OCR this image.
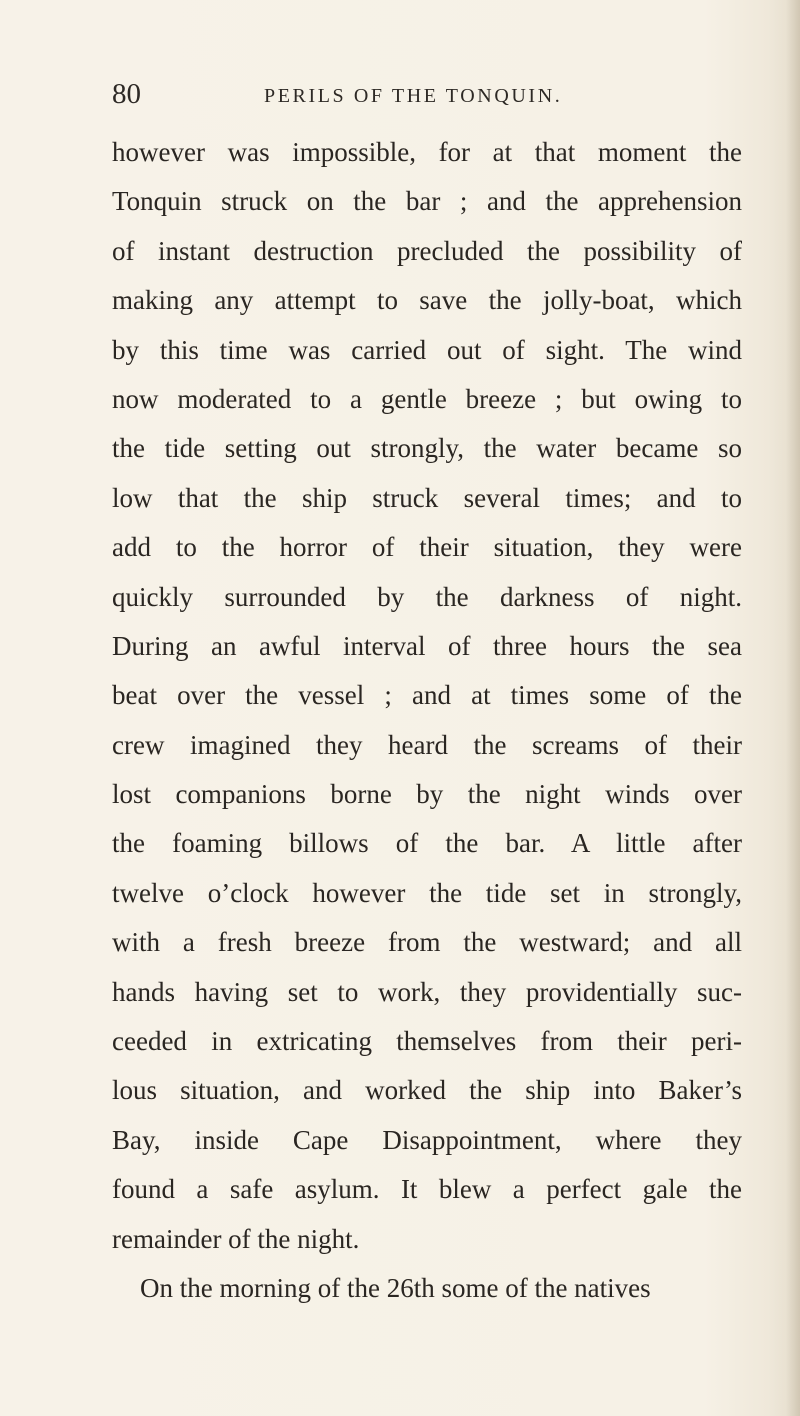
80	PERILS OF THE TONQUIN.
however was impossible, for at that moment the
Tonquin struck on the bar ; and the apprehension
of instant destruction precluded the possibility of
making any attempt to save the jolly-boat, which
by this time was carried out of sight. The wind
now moderated to a gentle breeze ; but owing to
the tide setting out strongly, the water became so
low that the ship struck several times; and to
add to the horror of their situation, they were
quickly surrounded by the darkness of night.
During an awful interval of three hours the sea
beat over the vessel ; and at times some of the
crew imagined they heard the screams of their
lost companions borne by the night winds over
the foaming billows of the bar. A little after
twelve o’clock however the tide set in strongly,
with a fresh breeze from the westward; and all
hands having set to work, they providentially suc-
ceeded in extricating themselves from their peri-
lous situation, and worked the ship into Baker’s
Bay, inside Cape Disappointment, where they
found a safe asylum. It blew a perfect gale the
remainder of the night.
On the morning of the 26th some of the natives
